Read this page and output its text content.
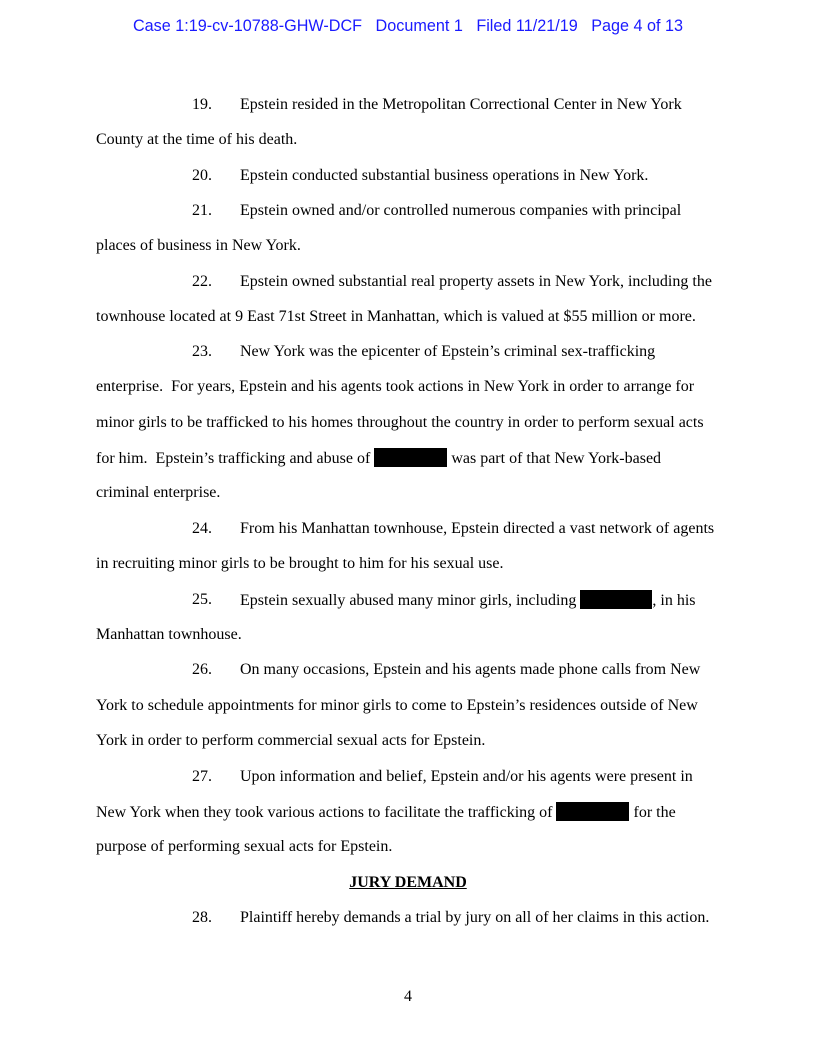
Case 1:19-cv-10788-GHW-DCF Document 1 Filed 11/21/19 Page 4 of 13
19. Epstein resided in the Metropolitan Correctional Center in New York
County at the time of his death.
20. Epstein conducted substantial business operations in New York.
21. Epstein owned and/or controlled numerous companies with principal
places of business in New York.
22. Epstein owned substantial real property assets in New York, including the
townhouse located at 9 East 71st Street in Manhattan, which is valued at $55 million or more.
23. New York was the epicenter of Epstein’s criminal sex-trafficking
enterprise.  For years, Epstein and his agents took actions in New York in order to arrange for
minor girls to be trafficked to his homes throughout the country in order to perform sexual acts
for him.  Epstein’s trafficking and abuse of	was part of that New York-based
criminal enterprise.
24. From his Manhattan townhouse, Epstein directed a vast network of agents
in recruiting minor girls to be brought to him for his sexual use.
25. Epstein sexually abused many minor girls, including	, in his
Manhattan townhouse.
26. On many occasions, Epstein and his agents made phone calls from New
York to schedule appointments for minor girls to come to Epstein’s residences outside of New
York in order to perform commercial sexual acts for Epstein.
27. Upon information and belief, Epstein and/or his agents were present in
New York when they took various actions to facilitate the trafficking of	for the
purpose of performing sexual acts for Epstein.
JURY DEMAND
28. Plaintiff hereby demands a trial by jury on all of her claims in this action.
4
